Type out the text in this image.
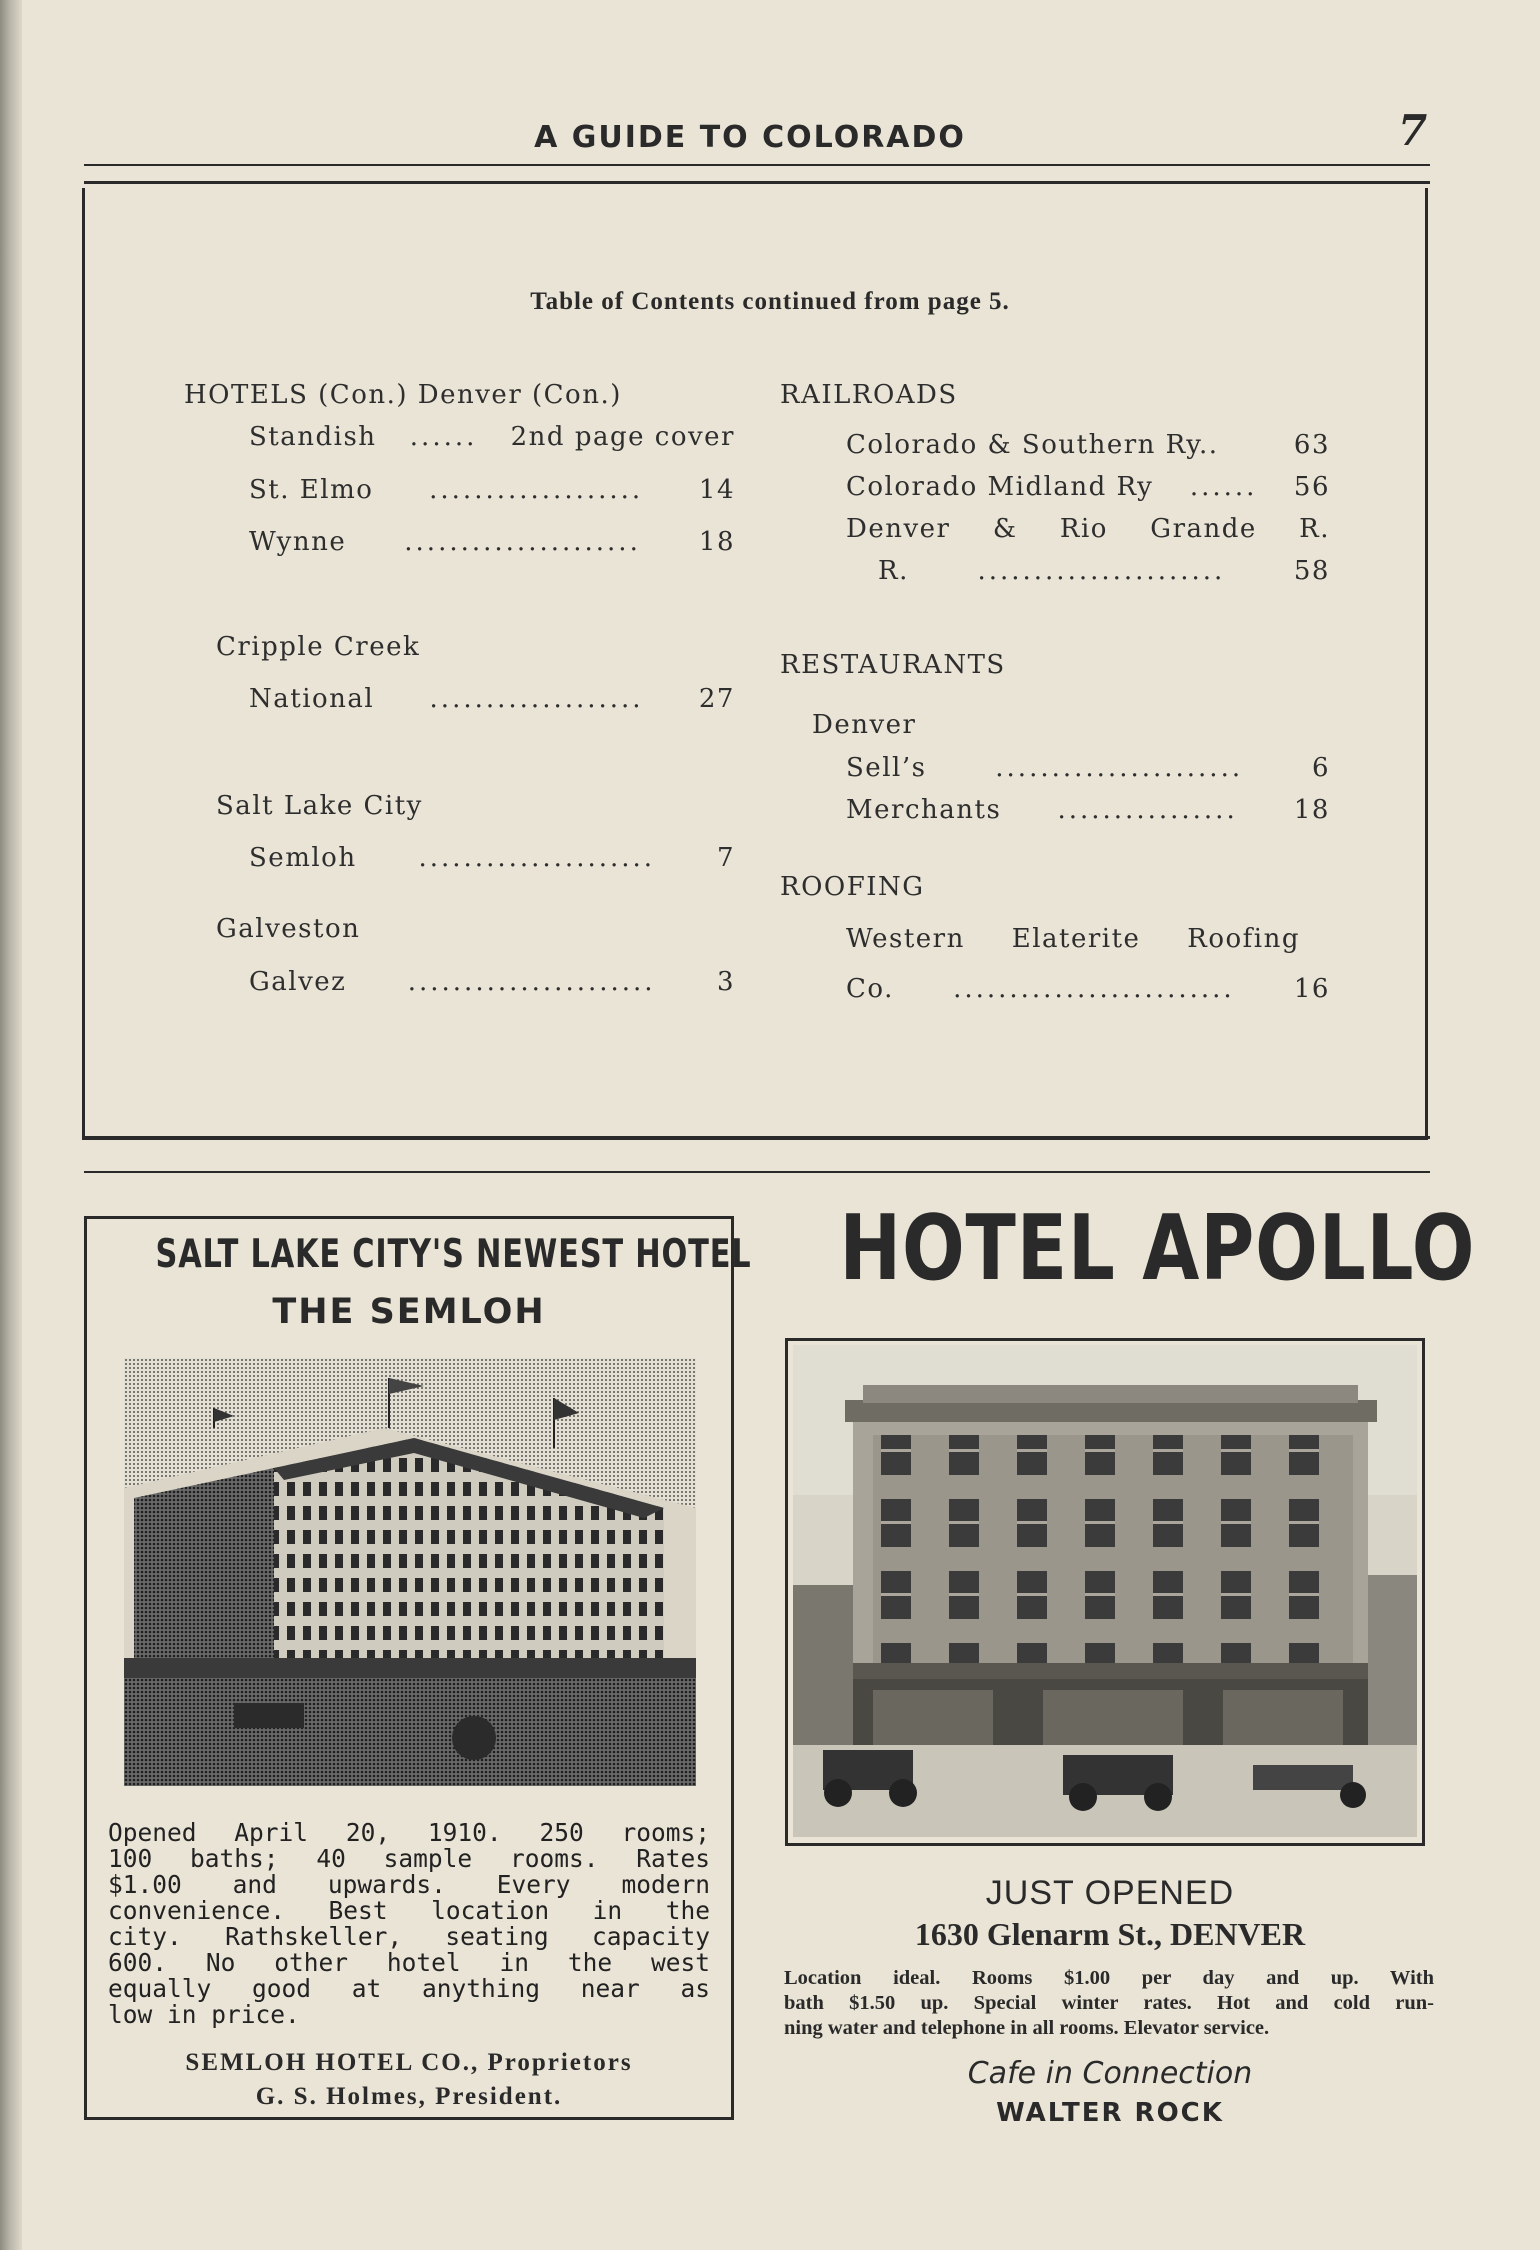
A GUIDE TO COLORADO	7
Table of Contents continued from page 5.
HOTELS (Con.) Denver (Con.)
Standish ...... 2nd page cover
St. Elmo ................... 14
Wynne ..................... 18
Cripple Creek
National ................... 27
Salt Lake City
Semloh ..................... 7
Galveston
Galvez ...................... 3
RAILROADS
Colorado & Southern Ry..	63
Colorado Midland Ry ...... 56
Denver & Rio Grande R.
R.	......................	58
RESTAURANTS
Denver
Sell’s	......................	6
Merchants ................ 18
ROOFING
Western Elaterite Roofing
Co. ......................... 16
SALT LAKE CITY'S NEWEST HOTEL
THE SEMLOH
Opened April 20, 1910. 250 rooms;
100 baths; 40 sample rooms. Rates
$1.00 and upwards. Every modern
convenience. Best location in the
city. Rathskeller, seating capacity
600. No other hotel in the west
equally good at anything near as
low in price.
SEMLOH HOTEL CO., Proprietors
G. S. Holmes, President.
HOTEL APOLLO
JUST OPENED
1630 Glenarm St., DENVER
Location ideal. Rooms $1.00 per day and up. With
bath $1.50 up. Special winter rates. Hot and cold run-
ning water and telephone in all rooms. Elevator service.
Cafe in Connection
WALTER ROCK
